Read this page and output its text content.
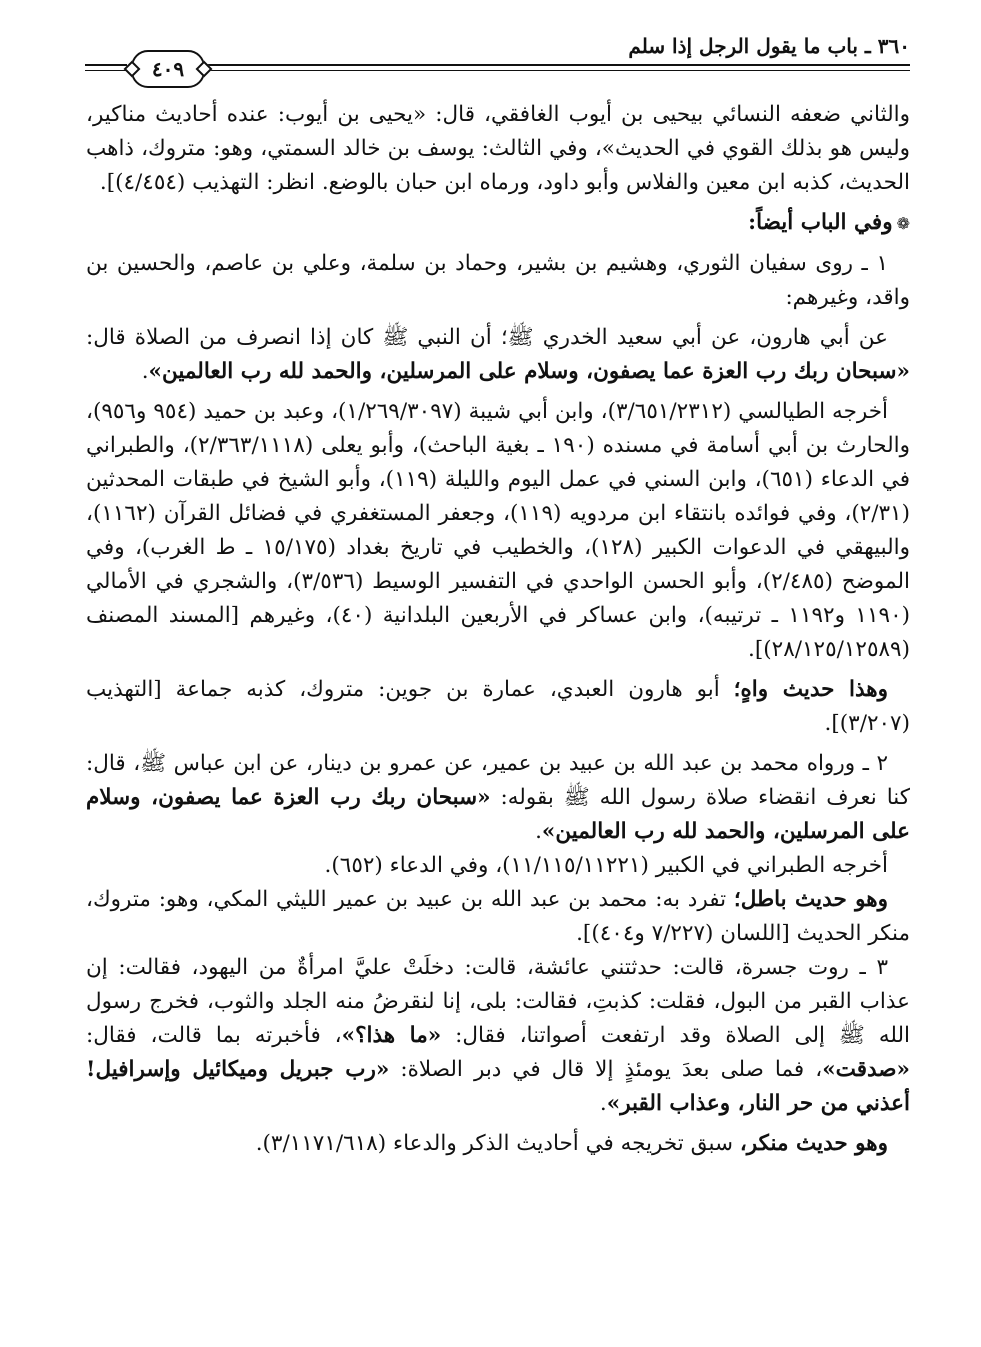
٣٦٠ ـ باب ما يقول الرجل إذا سلم
٤٠٩

والثاني ضعفه النسائي بيحيى بن أيوب الغافقي، قال: «يحيى بن أيوب: عنده أحاديث مناكير، وليس هو بذلك القوي في الحديث»، وفي الثالث: يوسف بن خالد السمتي، وهو: متروك، ذاهب الحديث، كذبه ابن معين والفلاس وأبو داود، ورماه ابن حبان بالوضع. انظر: التهذيب (٤/٤٥٤)].

❁وفي الباب أيضاً:

١ ـ روى سفيان الثوري، وهشيم بن بشير، وحماد بن سلمة، وعلي بن عاصم، والحسين بن واقد، وغيرهم:

عن أبي هارون، عن أبي سعيد الخدري ﷺ؛ أن النبي ﷺ كان إذا انصرف من الصلاة قال: «سبحان ربك رب العزة عما يصفون، وسلام على المرسلين، والحمد لله رب العالمين».

أخرجه الطيالسي (٣/٦٥١/٢٣١٢)، وابن أبي شيبة (١/٢٦٩/٣٠٩٧)، وعبد بن حميد (٩٥٤ و٩٥٦)، والحارث بن أبي أسامة في مسنده (١٩٠ ـ بغية الباحث)، وأبو يعلى (٢/٣٦٣/١١١٨)، والطبراني في الدعاء (٦٥١)، وابن السني في عمل اليوم والليلة (١١٩)، وأبو الشيخ في طبقات المحدثين (٢/٣١)، وفي فوائده بانتقاء ابن مردويه (١١٩)، وجعفر المستغفري في فضائل القرآن (١١٦٢)، والبيهقي في الدعوات الكبير (١٢٨)، والخطيب في تاريخ بغداد (١٥/١٧٥ ـ ط الغرب)، وفي الموضح (٢/٤٨٥)، وأبو الحسن الواحدي في التفسير الوسيط (٣/٥٣٦)، والشجري في الأمالي (١١٩٠ و١١٩٢ ـ ترتيبه)، وابن عساكر في الأربعين البلدانية (٤٠)، وغيرهم [المسند المصنف (٢٨/١٢٥/١٢٥٨٩)].

وهذا حديث واهٍ؛ أبو هارون العبدي، عمارة بن جوين: متروك، كذبه جماعة [التهذيب (٣/٢٠٧)].

٢ ـ ورواه محمد بن عبد الله بن عبيد بن عمير، عن عمرو بن دينار، عن ابن عباس ﷺ، قال: كنا نعرف انقضاء صلاة رسول الله ﷺ بقوله: «سبحان ربك رب العزة عما يصفون، وسلام على المرسلين، والحمد لله رب العالمين».

أخرجه الطبراني في الكبير (١١/١١٥/١١٢٢١)، وفي الدعاء (٦٥٢).

وهو حديث باطل؛ تفرد به: محمد بن عبد الله بن عبيد بن عمير الليثي المكي، وهو: متروك، منكر الحديث [اللسان (٧/٢٢٧ و٤٠٤)].

٣ ـ روت جسرة، قالت: حدثتني عائشة، قالت: دخلَتْ عليَّ امرأةٌ من اليهود، فقالت: إن عذاب القبر من البول، فقلت: كذبتِ، فقالت: بلى، إنا لنقرضُ منه الجلد والثوب، فخرج رسول الله ﷺ إلى الصلاة وقد ارتفعت أصواتنا، فقال: «ما هذا؟»، فأخبرته بما قالت، فقال: «صدقت»، فما صلى بعدَ يومئذٍ إلا قال في دبر الصلاة: «رب جبريل وميكائيل وإسرافيل! أعذني من حر النار، وعذاب القبر».

وهو حديث منكر، سبق تخريجه في أحاديث الذكر والدعاء (٣/١١٧١/٦١٨).
